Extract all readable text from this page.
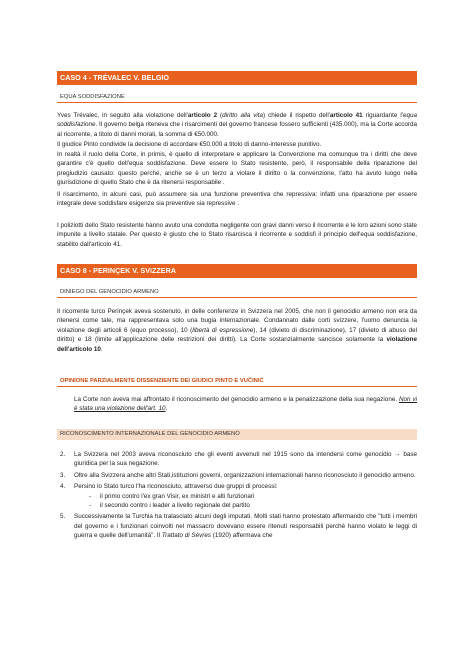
CASO 4 - TRÉVALEC V. BELGIO
EQUA SODDISFAZIONE

Yves Trévalec, in seguito alla violazione dell'articolo 2 (diritto alla vita) chiede il rispetto dell'articolo 41 riguardante l'equa soddisfazione. Il governo belga riteneva che i risarcimenti del governo francese fossero sufficienti (435.000), ma la Corte accorda al ricorrente, a titolo di danni morali, la somma di €50.000.

Il giudice Pinto condivide la decisione di accordare €50.000 a titolo di danno-interesse punitivo.

In realtà il ruolo della Corte, in primis, è quello di interpretare e applicare la Convenzione ma comunque tra i diritti che deve garantire c'è quello dell'equa soddisfazione. Deve essere lo Stato resistente, però, il responsabile della riparazione del pregiudizio causato: questo perché, anche se è un terzo a violare il diritto o la convenzione, l'atto ha avuto luogo nella giurisdizione di quello Stato che è da ritenersi responsabile .

Il risarcimento, in alcuni casi, può assumere sia una funzione preventiva che repressiva: infatti una riparazione per essere integrale deve soddisfare esigenze sia preventive sia repressive .

I poliziotti dello Stato resistente hanno avuto una condotta negligente con gravi danni verso il ricorrente e le loro azioni sono state impunite a livello statale. Per questo è giusto che lo Stato risarcisca il ricorrente e soddisfi il principio dell'equa soddisfazione, stabilito dall'articolo 41.

CASO 8 - PERINÇEK V. SVIZZERA
DINIEGO DEL GENOCIDIO ARMENO

Il ricorrente turco Perinçek aveva sostenuto, in delle conferenze in Svizzera nel 2005, che non il genocidio armeno non era da ritenersi come tale, ma rappresentava solo una bugia internazionale. Condannato dalle corti svizzere, l'uomo denuncia la violazione degli articoli 6 (equo processo), 10 (libertà di espressione), 14 (divieto di discriminazione), 17 (divieto di abuso del diritto) e 18 (limite all'applicazione delle restrizioni dei diritti). La Corte sostanzialmente sancisce solamente la violazione dell'articolo 10.

OPINIONE PARZIALMENTE DISSENZIENTE DEI GIUDICI PINTO E VUČINIĆ

La Corte non aveva mai affrontato il riconoscimento del genocidio armeno e la penalizzazione della sua negazione. Non vi è stata una violazione dell'art. 10.

RICONOSCIMENTO INTERNAZIONALE DEL GENOCIDIO ARMENO
2. La Svizzera nel 2003 aveva riconosciuto che gli eventi avvenuti nel 1915 sono da intendersi come genocidio → base giuridica per la sua negazione.
3. Oltre alla Svizzera anche altri Stati,istituzioni governi, organizzazioni internazionali hanno riconosciuto il genocidio armeno.
4. Persino lo Stato turco l'ha riconosciuto, attraverso due gruppi di processi:
- il primo contro l'ex gran Visir, ex ministri e alti funzionari
- il secondo contro i leader a livello regionale del partito
5. Successivamente la Turchia ha tralasciato alcuni degli imputati. Molti stati hanno protestato affermando che "tutti i membri del governo e i funzionari coinvolti nel massacro dovevano essere ritenuti responsabili perché hanno violato le leggi di guerra e quelle dell'umanità". Il Trattato di Sèvres (1920) affermava che
